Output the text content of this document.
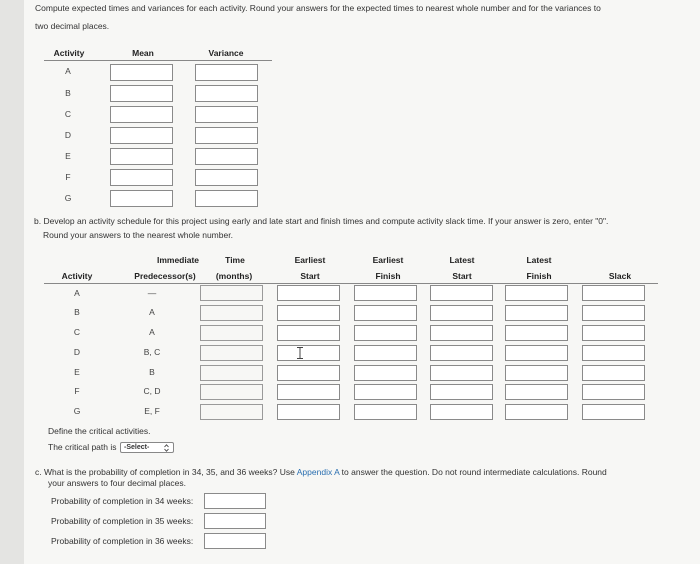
Compute expected times and variances for each activity. Round your answers for the expected times to nearest whole number and for the variances to
two decimal places.
Activity	Mean	Variance
A
B
C
D
E
F
G
b. Develop an activity schedule for this project using early and late start and finish times and compute activity slack time. If your answer is zero, enter "0".
Round your answers to the nearest whole number.
Immediate	Time	Earliest	Earliest	Latest	Latest
Activity	Predecessor(s)	(months)	Start	Finish	Start	Finish	Slack
A	—
B	A
C	A
D	B, C
E	B
F	C, D
G	E, F
Define the critical activities.
The critical path is	-Select-
c. What is the probability of completion in 34, 35, and 36 weeks? Use Appendix A to answer the question. Do not round intermediate calculations. Round
your answers to four decimal places.
Probability of completion in 34 weeks:
Probability of completion in 35 weeks:
Probability of completion in 36 weeks:
